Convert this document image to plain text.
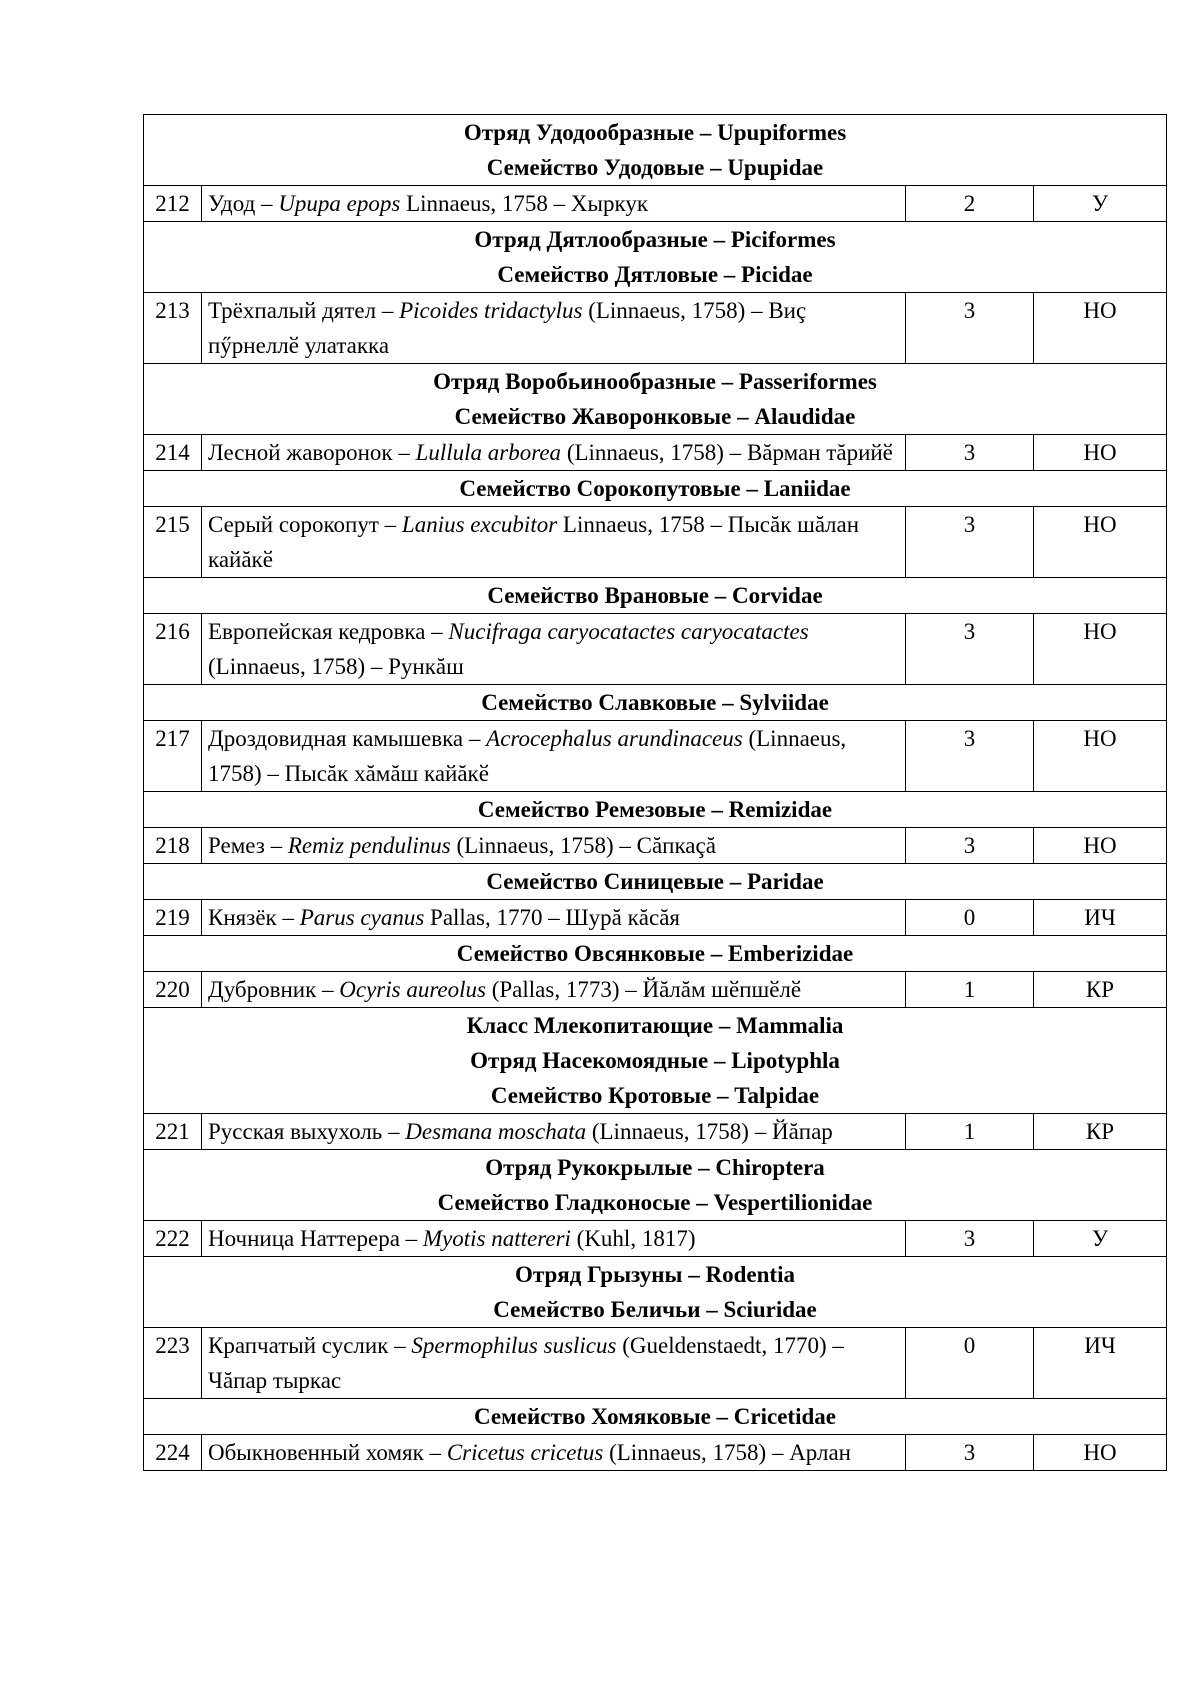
Отряд Удодообразные – Upupiformes
Семейство Удодовые – Upupidae			

212	Удод – Upupa epops Linnaeus, 1758 – Хыркук	2	У

Отряд Дятлообразные – Piciformes
Семейство Дятловые – Picidae			

213	Трёхпалый дятел – Picoides tridactylus (Linnaeus, 1758) – Виç пӳрнеллӗ улатакка	3	НО

Отряд Воробьинообразные – Passeriformes
Семейство Жаворонковые – Alaudidae			

214	Лесной жаворонок – Lullula arborea (Linnaeus, 1758) – Вăрман тăрийӗ	3	НО

Семейство Сорокопутовые – Laniidae			

215	Серый сорокопут – Lanius excubitor Linnaeus, 1758 – Пысăк шăлан кайăкӗ	3	НО

Семейство Врановые – Corvidae			

216	Европейская кедровка – Nucifraga caryocatactes caryocatactes (Linnaeus, 1758) – Рункăш	3	НО

Семейство Славковые – Sylviidae			

217	Дроздовидная камышевка – Acrocephalus arundinaceus (Linnaeus, 1758) – Пысăк хăмăш кайăкӗ	3	НО

Семейство Ремезовые – Remizidae			

218	Ремез – Remiz pendulinus (Linnaeus, 1758) – Сăпкаçă	3	НО

Семейство Синицевые – Paridae			

219	Князёк – Parus cyanus Pallas, 1770 – Шурă кăсăя	0	ИЧ

Семейство Овсянковые – Emberizidae			

220	Дубровник – Ocyris aureolus (Pallas, 1773) – Йăлăм шӗпшӗлӗ	1	КР

Класс Млекопитающие – Mammalia
Отряд Насекомоядные – Lipotyphla
Семейство Кротовые – Talpidae			

221	Русская выхухоль – Desmana moschata (Linnaeus, 1758) – Йăпар	1	КР

Отряд Рукокрылые – Chiroptera
Семейство Гладконосые – Vespertilionidae			

222	Ночница Наттерера – Myotis nattereri (Kuhl, 1817)	3	У

Отряд Грызуны – Rodentia
Семейство Беличьи – Sciuridae			

223	Крапчатый суслик – Spermophilus suslicus (Gueldenstaedt, 1770) – Чăпар тыркас	0	ИЧ

Семейство Хомяковые – Cricetidae			

224	Обыкновенный хомяк – Cricetus cricetus (Linnaeus, 1758) – Арлан	3	НО
